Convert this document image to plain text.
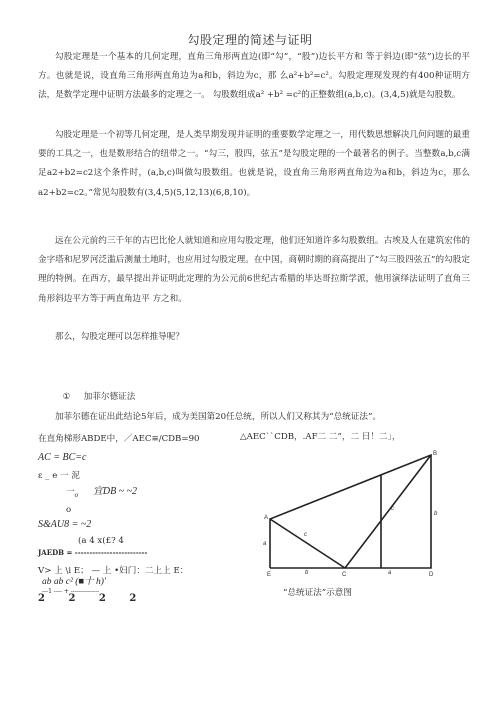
勾股定理的简述与证明

勾股定理是一个基本的几何定理，直角三角形两直边(即“勾”，“股”)边长平方和 等于斜边(即“弦”)边长的平方。也就是说，设直角三角形两直角边为a和b，斜边为c，那 么a²+b²=c²。勾股定理现发现约有400种证明方法，是数学定理中证明方法最多的定理之一。 勾股数组成a² +b² =c²的正整数组(a,b,c)。(3,4,5)就是勾股数。

勾股定理是一个初等几何定理，是人类早期发现并证明的重要数学定理之一，用代数思想解决几何问题的最重要的工具之一，也是数形结合的纽带之一。“勾三，股四，弦五”是勾股定理的一个最著名的例子。当整数a,b,c满足a2+b2=c2这个条件时，(a,b,c)叫做勾股数组。也就是说，设直角三角形两直角边为a和b，斜边为c，那么a2+b2=c2。”常见勾股数有(3,4,5)(5,12,13)(6,8,10)。

远在公元前约三千年的古巴比伦人就知道和应用勾股定理，他们还知道许多勾股数组。古埃及人在建筑宏伟的金字塔和尼罗河泛滥后测量土地时，也应用过勾股定理。在中国，商朝时期的商高提出了“勾三股四弦五”的勾股定理的特例。在西方，最早提出并证明此定理的为公元前6世纪古希腊的毕达哥拉斯学派，他用演绎法证明了直角三角形斜边平方等于两直角边平 方之和。

那么，勾股定理可以怎样推导呢？

① 加菲尔德证法
加菲尔德在证出此结论5年后，成为美国第20任总统，所以人们又称其为“总统证法”。
在直角梯形ABDE中，／AEC≡/CDB=90	△AEC``CDB，.AF二 二”，二 日！二」，
AC = BC=c
ε _ e 一 泥
一$_o$ 宜DB ~ ~2
o
S&AU8 = ~2
(a 4 x(£? 4
JAEDB = -------------------------
V> 上 \i E； — 上 •妇门：二上上 E：
ab ab c² (■十 h)'
---1 ---- + --------------
2 2 2 2
A
B
C	D
E
a
a
b
b
c
c
“总统证法”示意图
